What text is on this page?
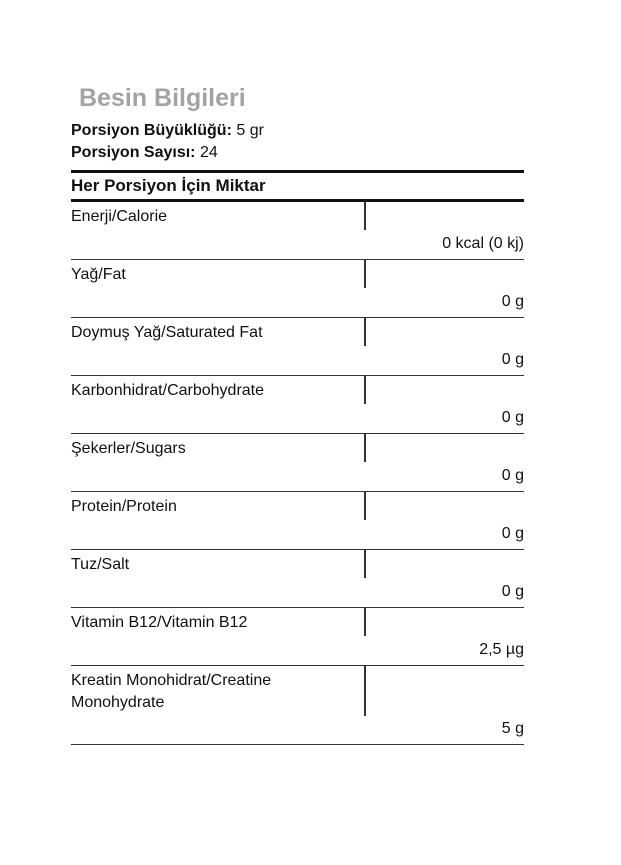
Besin Bilgileri
Porsiyon Büyüklüğü: 5 gr
Porsiyon Sayısı: 24
Her Porsiyon İçin Miktar
Enerji/Calorie
0 kcal (0 kj)
Yağ/Fat
0 g
Doymuş Yağ/Saturated Fat
0 g
Karbonhidrat/Carbohydrate
0 g
Şekerler/Sugars
0 g
Protein/Protein
0 g
Tuz/Salt
0 g
Vitamin B12/Vitamin B12
2,5 µg
Kreatin Monohidrat/Creatine Monohydrate
5 g
